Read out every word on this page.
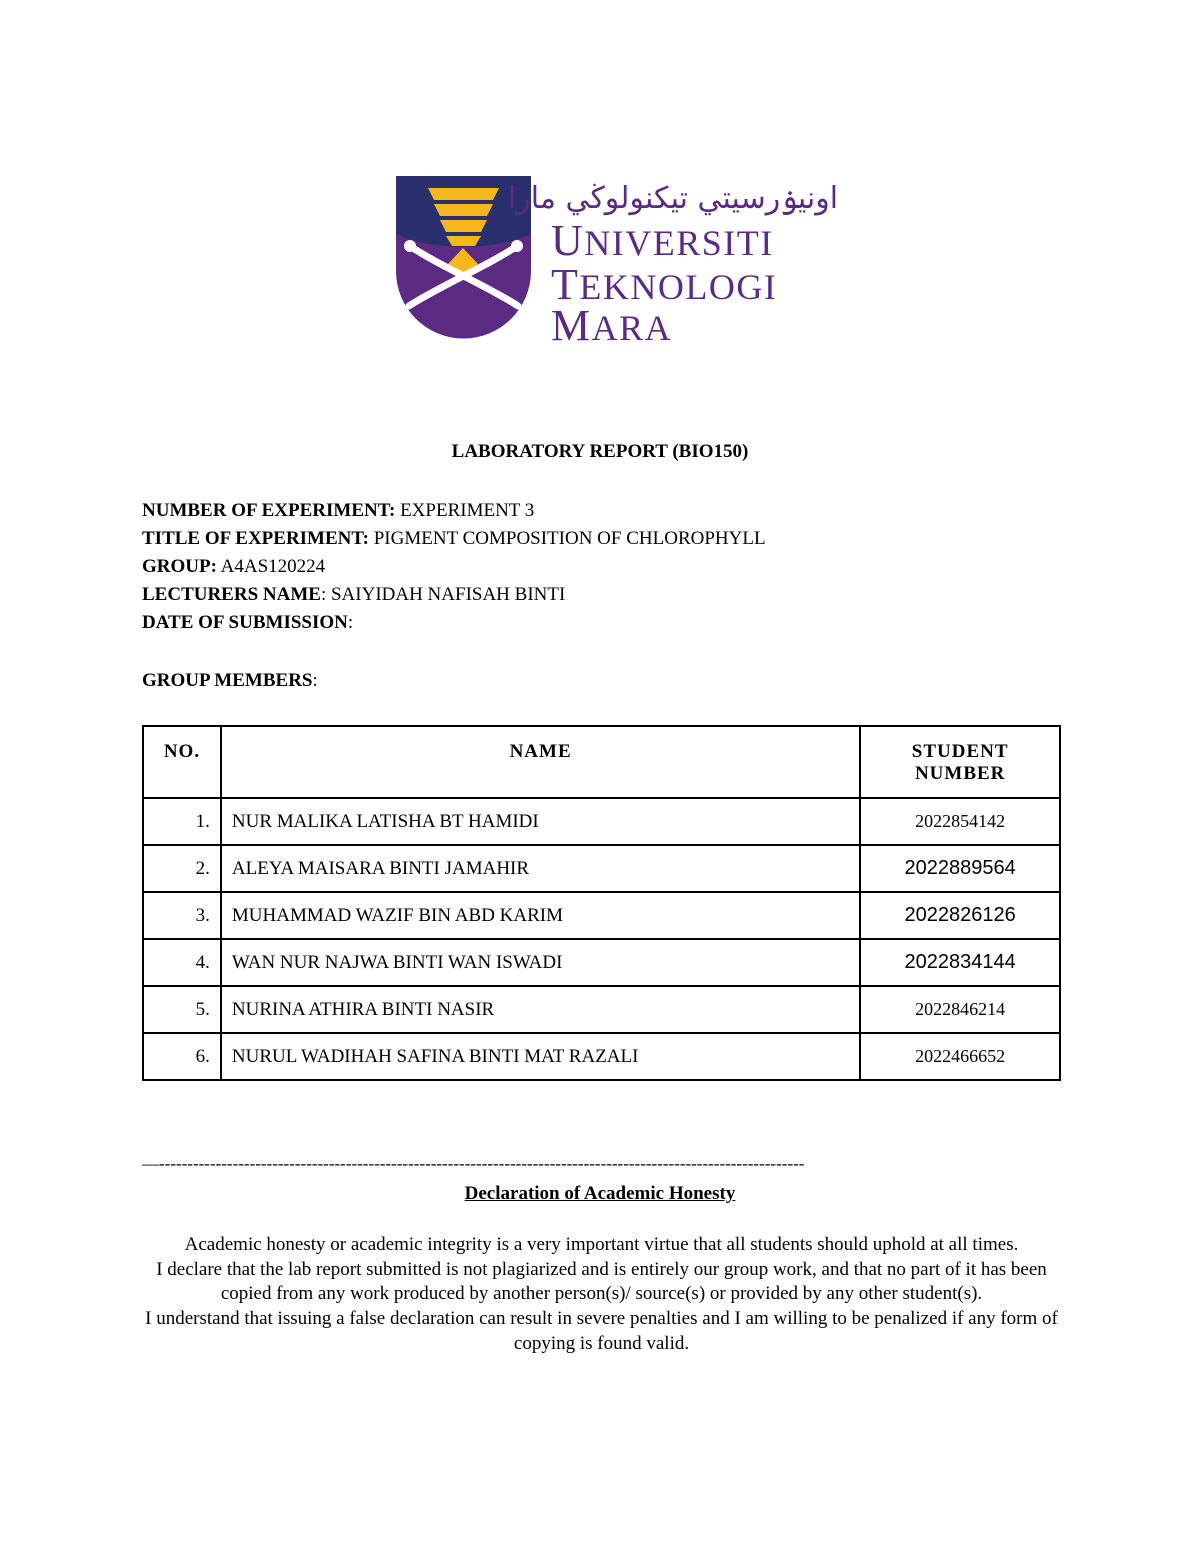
اونيۏرسيتي تيكنولوڬي مارا
UNIVERSITI
TEKNOLOGI
MARA
LABORATORY REPORT (BIO150)
NUMBER OF EXPERIMENT: EXPERIMENT 3
TITLE OF EXPERIMENT: PIGMENT COMPOSITION OF CHLOROPHYLL
GROUP: A4AS120224
LECTURERS NAME: SAIYIDAH NAFISAH BINTI
DATE OF SUBMISSION:
GROUP MEMBERS:
NO.	NAME	STUDENT
NUMBER
1.	NUR MALIKA LATISHA BT HAMIDI	2022854142
2.	ALEYA MAISARA BINTI JAMAHIR	2022889564
3.	MUHAMMAD WAZIF BIN ABD KARIM	2022826126
4.	WAN NUR NAJWA BINTI WAN ISWADI	2022834144
5.	NURINA ATHIRA BINTI NASIR	2022846214
6.	NURUL WADIHAH SAFINA BINTI MAT RAZALI	2022466652
—------------------------------------------------------------------------------------------------------------------
Declaration of Academic Honesty

Academic honesty or academic integrity is a very important virtue that all students should uphold at all times.

I declare that the lab report submitted is not plagiarized and is entirely our group work, and that no part of it has been copied from any work produced by another person(s)/ source(s) or provided by any other student(s).

I understand that issuing a false declaration can result in severe penalties and I am willing to be penalized if any form of copying is found valid.
